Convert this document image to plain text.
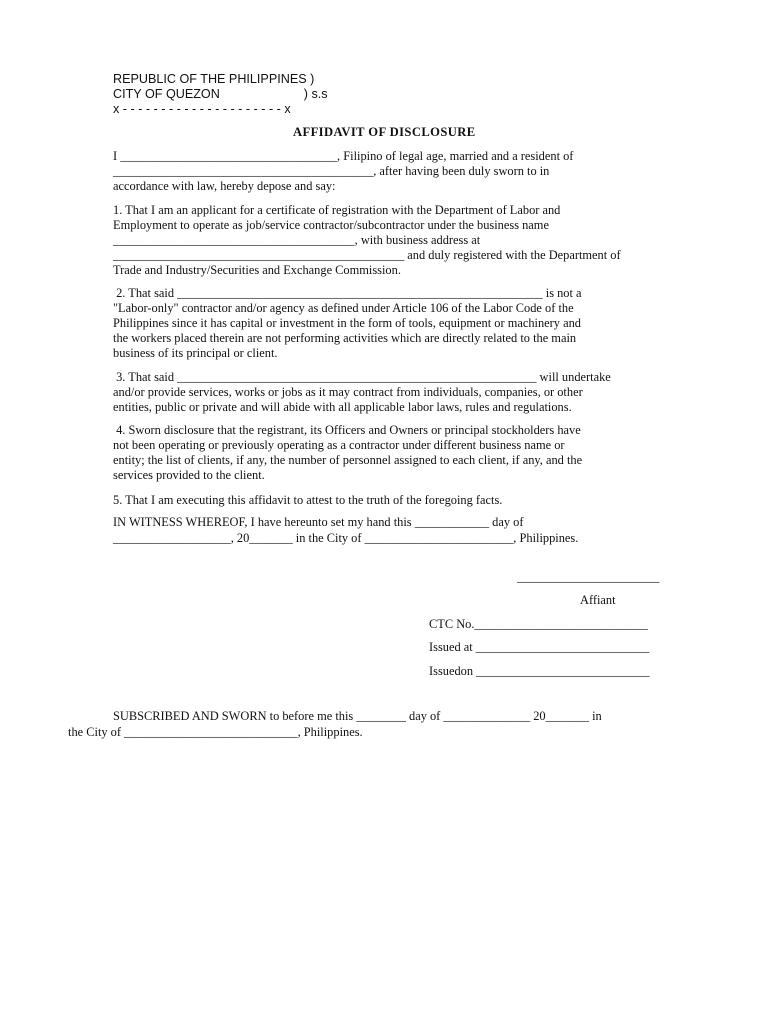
REPUBLIC OF THE PHILIPPINES )
CITY OF QUEZON                        ) s.s
x - - - - - - - - - - - - - - - - - - - - - x
AFFIDAVIT OF DISCLOSURE
I ___________________________________, Filipino of legal age, married and a resident of
__________________________________________, after having been duly sworn to in
accordance with law, hereby depose and say:
1. That I am an applicant for a certificate of registration with the Department of Labor and
Employment to operate as job/service contractor/subcontractor under the business name
_______________________________________, with business address at
_______________________________________________ and duly registered with the Department of
Trade and Industry/Securities and Exchange Commission.
2. That said ___________________________________________________________ is not a
"Labor-only" contractor and/or agency as defined under Article 106 of the Labor Code of the
Philippines since it has capital or investment in the form of tools, equipment or machinery and
the workers placed therein are not performing activities which are directly related to the main
business of its principal or client.
3. That said __________________________________________________________ will undertake
and/or provide services, works or jobs as it may contract from individuals, companies, or other
entities, public or private and will abide with all applicable labor laws, rules and regulations.
4. Sworn disclosure that the registrant, its Officers and Owners or principal stockholders have
not been operating or previously operating as a contractor under different business name or
entity; the list of clients, if any, the number of personnel assigned to each client, if any, and the
services provided to the client.
5. That I am executing this affidavit to attest to the truth of the foregoing facts.
IN WITNESS WHEREOF, I have hereunto set my hand this ____________ day of
___________________, 20_______ in the City of ________________________, Philippines.
_______________________
Affiant
CTC No.____________________________
Issued at ____________________________
Issuedon ____________________________
SUBSCRIBED AND SWORN to before me this ________ day of ______________ 20_______ in
the City of ____________________________, Philippines.
